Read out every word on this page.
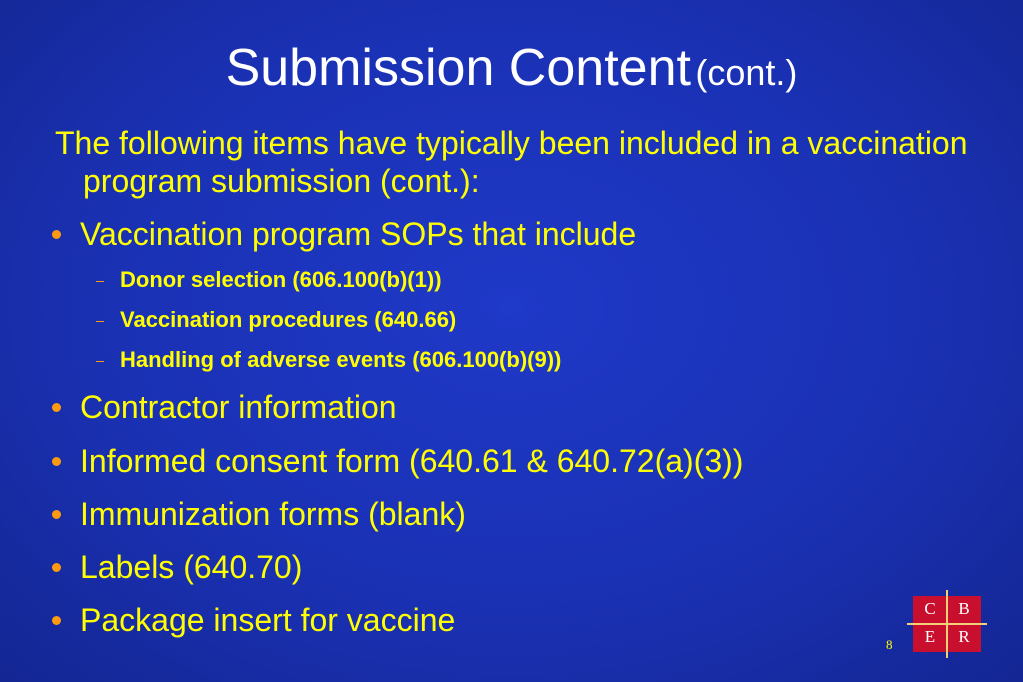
Submission Content (cont.)
The following items have typically been included in a vaccination program submission (cont.):
Vaccination program SOPs that include
Donor selection (606.100(b)(1))
Vaccination procedures (640.66)
Handling of adverse events (606.100(b)(9))
Contractor information
Informed consent form (640.61 & 640.72(a)(3))
Immunization forms (blank)
Labels (640.70)
Package insert for vaccine
8
C	B
E	R
